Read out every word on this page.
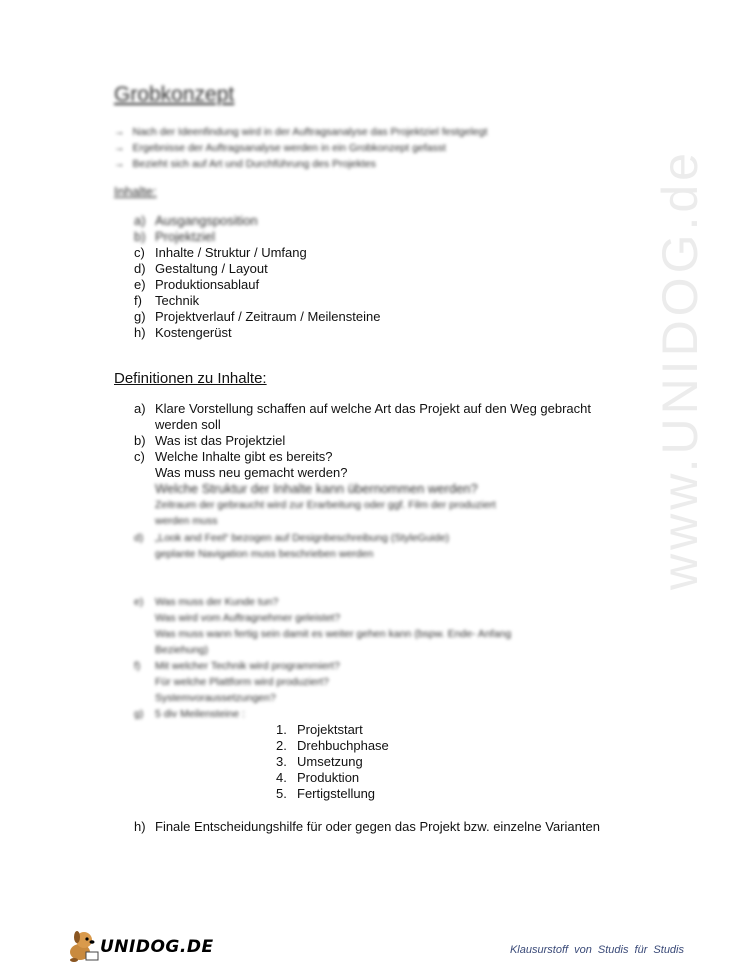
www.UNIDOG.de
Grobkonzept
→ Nach der Ideenfindung wird in der Auftragsanalyse das Projektziel festgelegt
→ Ergebnisse der Auftragsanalyse werden in ein Grobkonzept gefasst
→ Bezieht sich auf Art und Durchführung des Projektes
Inhalte:
a) Ausgangsposition
b) Projektziel
c) Inhalte / Struktur / Umfang
d) Gestaltung / Layout
e) Produktionsablauf
f) Technik
g) Projektverlauf / Zeitraum / Meilensteine
h) Kostengerüst
Definitionen zu Inhalte:
a) Klare Vorstellung schaffen auf welche Art das Projekt auf den Weg gebracht
werden soll
b) Was ist das Projektziel
c) Welche Inhalte gibt es bereits?
Was muss neu gemacht werden?
Welche Struktur der Inhalte kann übernommen werden?
Zeitraum der gebraucht wird zur Erarbeitung oder ggf. Film der produziert
werden muss
d) „Look and Feel“ bezogen auf Designbeschreibung (StyleGuide)
geplante Navigation muss beschrieben werden
e) Was muss der Kunde tun?
Was wird vom Auftragnehmer geleistet?
Was muss wann fertig sein damit es weiter gehen kann (bspw. Ende- Anfang
Beziehung)
f) Mit welcher Technik wird programmiert?
Für welche Plattform wird produziert?
Systemvoraussetzungen?
g) 5 div Meilensteine :
1. Projektstart
2. Drehbuchphase
3. Umsetzung
4. Produktion
5. Fertigstellung
h) Finale Entscheidungshilfe für oder gegen das Projekt bzw. einzelne Varianten
UNIDOG.DE	Klausurstoff von Studis für Studis
